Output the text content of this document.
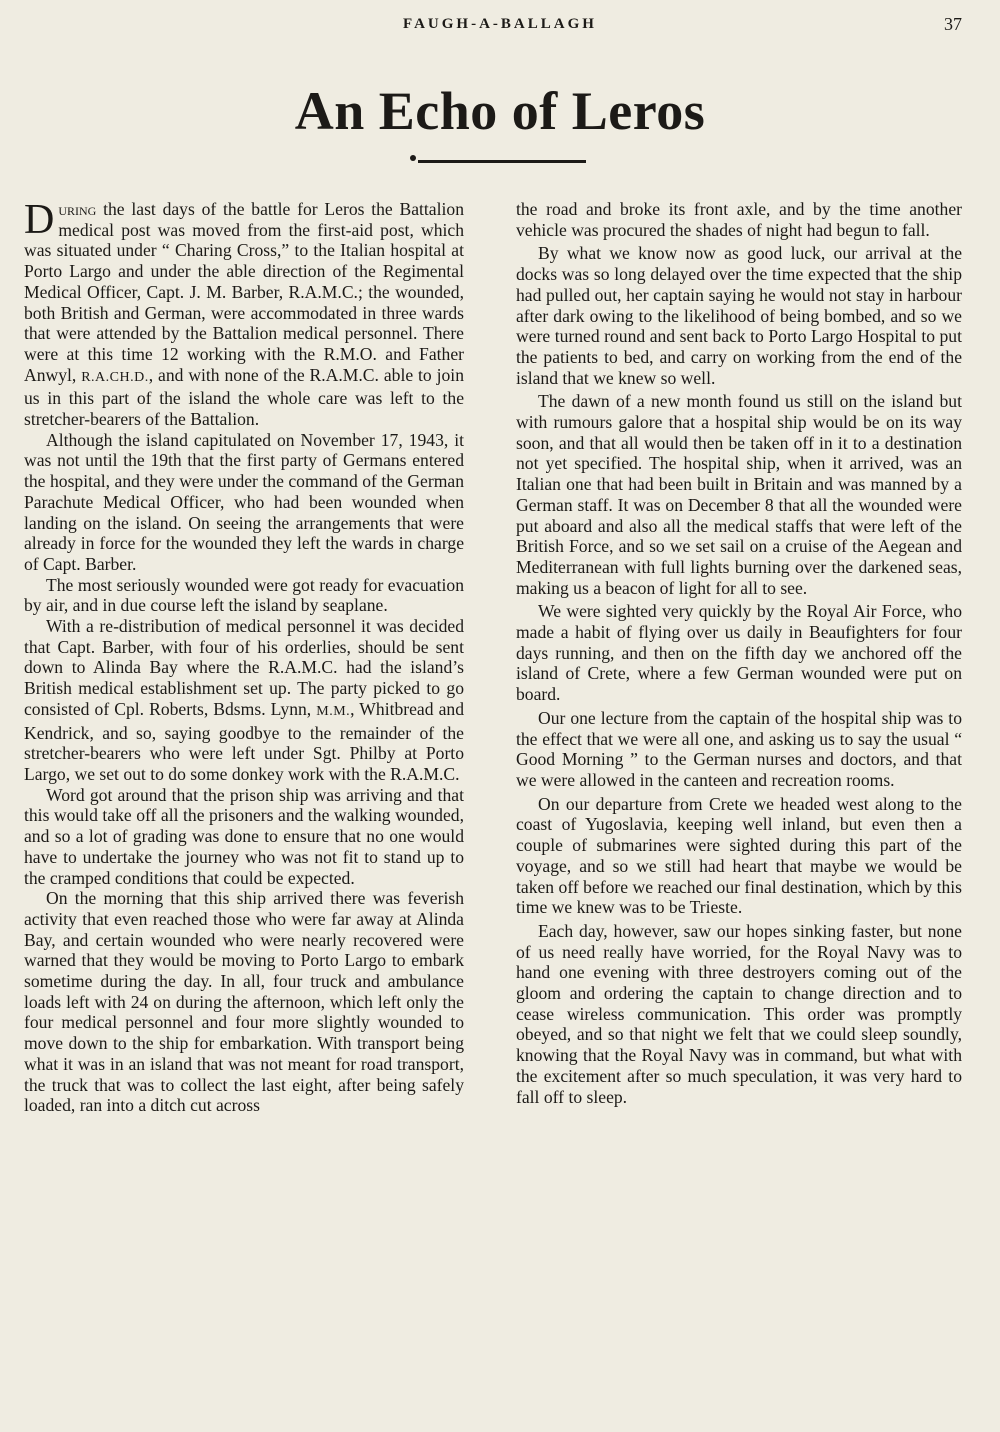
FAUGH-A-BALLAGH	37
An Echo of Leros

During the last days of the battle for Leros the Battalion medical post was moved from the first-aid post, which was situated under “ Charing Cross,” to the Italian hospital at Porto Largo and under the able direction of the Regimental Medical Officer, Capt. J. M. Barber, R.A.M.C.; the wounded, both British and German, were accommodated in three wards that were attended by the Battalion medical personnel. There were at this time 12 working with the R.M.O. and Father Anwyl, R.A.CH.D., and with none of the R.A.M.C. able to join us in this part of the island the whole care was left to the stretcher-bearers of the Battalion.

Although the island capitulated on November 17, 1943, it was not until the 19th that the first party of Germans entered the hospital, and they were under the command of the German Parachute Medical Officer, who had been wounded when landing on the island. On seeing the arrangements that were already in force for the wounded they left the wards in charge of Capt. Barber.

The most seriously wounded were got ready for evacuation by air, and in due course left the island by seaplane.

With a re-distribution of medical personnel it was decided that Capt. Barber, with four of his orderlies, should be sent down to Alinda Bay where the R.A.M.C. had the island’s British medical establishment set up. The party picked to go consisted of Cpl. Roberts, Bdsms. Lynn, M.M., Whitbread and Kendrick, and so, saying goodbye to the remainder of the stretcher-bearers who were left under Sgt. Philby at Porto Largo, we set out to do some donkey work with the R.A.M.C.

Word got around that the prison ship was arriving and that this would take off all the prisoners and the walking wounded, and so a lot of grading was done to ensure that no one would have to undertake the journey who was not fit to stand up to the cramped conditions that could be expected.

On the morning that this ship arrived there was feverish activity that even reached those who were far away at Alinda Bay, and certain wounded who were nearly recovered were warned that they would be moving to Porto Largo to embark sometime during the day. In all, four truck and ambulance loads left with 24 on during the afternoon, which left only the four medical personnel and four more slightly wounded to move down to the ship for embarkation. With transport being what it was in an island that was not meant for road transport, the truck that was to collect the last eight, after being safely loaded, ran into a ditch cut across

the road and broke its front axle, and by the time another vehicle was procured the shades of night had begun to fall.

By what we know now as good luck, our arrival at the docks was so long delayed over the time expected that the ship had pulled out, her captain saying he would not stay in harbour after dark owing to the likelihood of being bombed, and so we were turned round and sent back to Porto Largo Hospital to put the patients to bed, and carry on working from the end of the island that we knew so well.

The dawn of a new month found us still on the island but with rumours galore that a hospital ship would be on its way soon, and that all would then be taken off in it to a destination not yet specified. The hospital ship, when it arrived, was an Italian one that had been built in Britain and was manned by a German staff. It was on December 8 that all the wounded were put aboard and also all the medical staffs that were left of the British Force, and so we set sail on a cruise of the Aegean and Mediterranean with full lights burning over the darkened seas, making us a beacon of light for all to see.

We were sighted very quickly by the Royal Air Force, who made a habit of flying over us daily in Beaufighters for four days running, and then on the fifth day we anchored off the island of Crete, where a few German wounded were put on board.

Our one lecture from the captain of the hospital ship was to the effect that we were all one, and asking us to say the usual “ Good Morning ” to the German nurses and doctors, and that we were allowed in the canteen and recreation rooms.

On our departure from Crete we headed west along to the coast of Yugoslavia, keeping well inland, but even then a couple of submarines were sighted during this part of the voyage, and so we still had heart that maybe we would be taken off before we reached our final destination, which by this time we knew was to be Trieste.

Each day, however, saw our hopes sinking faster, but none of us need really have worried, for the Royal Navy was to hand one evening with three destroyers coming out of the gloom and ordering the captain to change direction and to cease wireless communication. This order was promptly obeyed, and so that night we felt that we could sleep soundly, knowing that the Royal Navy was in command, but what with the excitement after so much speculation, it was very hard to fall off to sleep.
